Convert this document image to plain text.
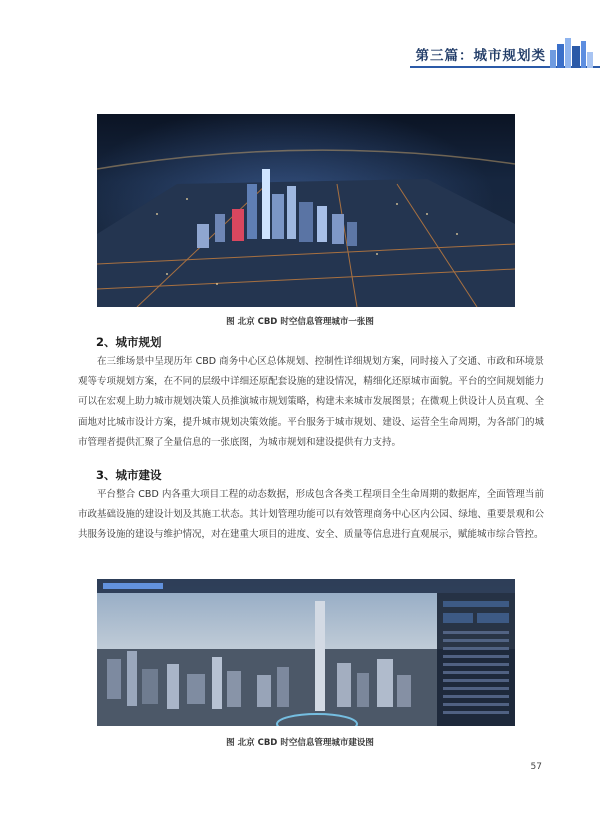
第三篇：城市规划类
图 北京 CBD 时空信息管理城市一张图
2、城市规划

在三维场景中呈现历年 CBD 商务中心区总体规划、控制性详细规划方案，同时接入了交通、市政和环境景观等专项规划方案，在不同的层级中详细还原配套设施的建设情况，精细化还原城市面貌。平台的空间规划能力可以在宏观上助力城市规划决策人员推演城市规划策略，构建未来城市发展图景；在微观上供设计人员直观、全面地对比城市设计方案，提升城市规划决策效能。平台服务于城市规划、建设、运营全生命周期，为各部门的城市管理者提供汇聚了全量信息的一张底图，为城市规划和建设提供有力支持。

3、城市建设

平台整合 CBD 内各重大项目工程的动态数据，形成包含各类工程项目全生命周期的数据库，全面管理当前市政基础设施的建设计划及其施工状态。其计划管理功能可以有效管理商务中心区内公园、绿地、重要景观和公共服务设施的建设与维护情况，对在建重大项目的进度、安全、质量等信息进行直观展示，赋能城市综合管控。

图 北京 CBD 时空信息管理城市建设图
57
